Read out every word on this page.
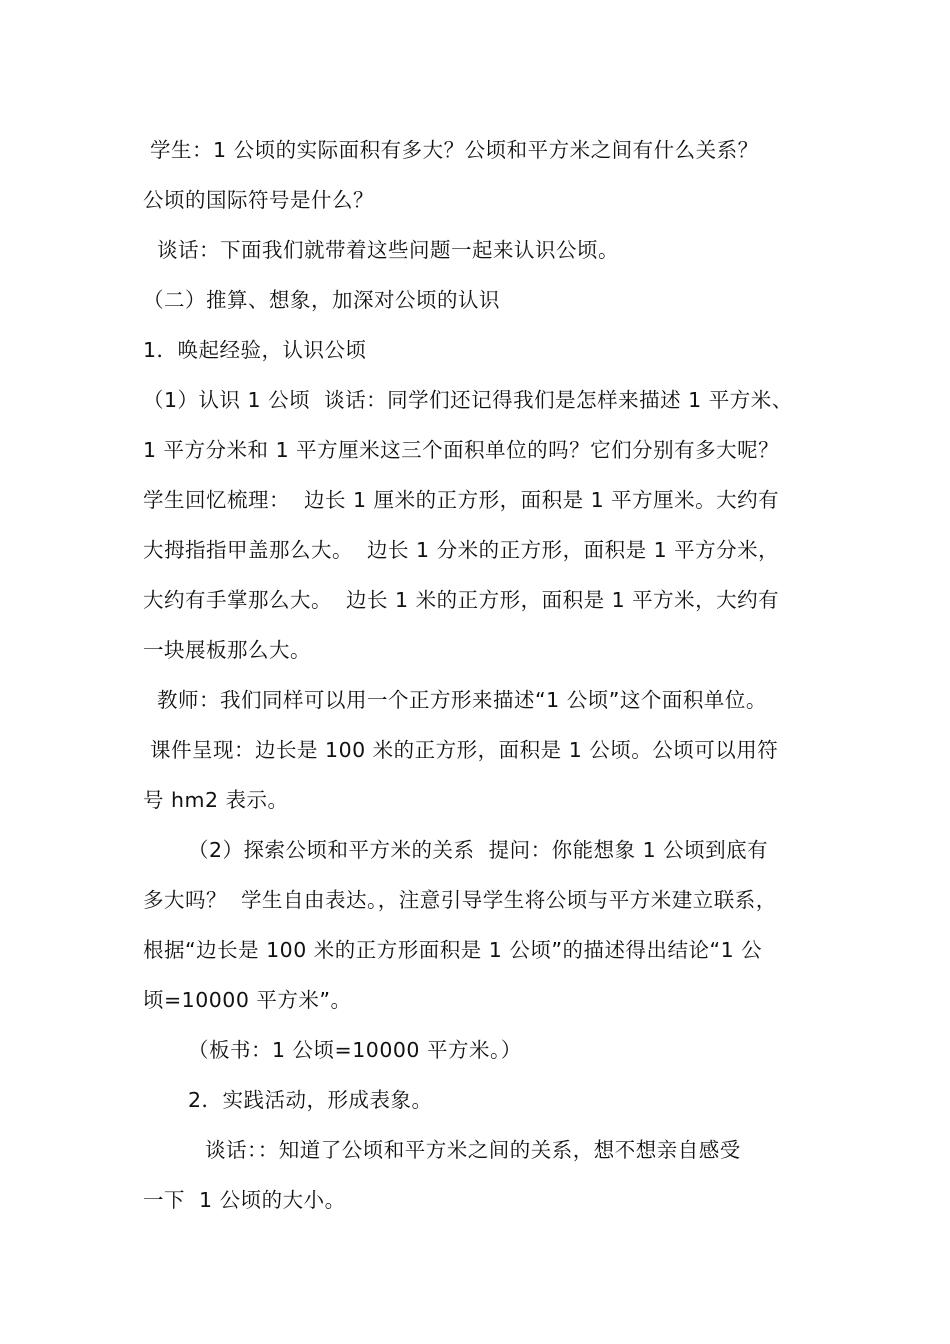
学生：1 公顷的实际面积有多大？公顷和平方米之间有什么关系？
公顷的国际符号是什么？
谈话：下面我们就带着这些问题一起来认识公顷。
（二）推算、想象，加深对公顷的认识
1．唤起经验，认识公顷
（1）认识 1 公顷  谈话：同学们还记得我们是怎样来描述 1 平方米、
1 平方分米和 1 平方厘米这三个面积单位的吗？它们分别有多大呢？
学生回忆梳理：  边长 1 厘米的正方形，面积是 1 平方厘米。大约有
大拇指指甲盖那么大。  边长 1 分米的正方形，面积是 1 平方分米，
大约有手掌那么大。  边长 1 米的正方形，面积是 1 平方米，大约有
一块展板那么大。
教师：我们同样可以用一个正方形来描述“1 公顷”这个面积单位。
课件呈现：边长是 100 米的正方形，面积是 1 公顷。公顷可以用符
号 hm2 表示。
（2）探索公顷和平方米的关系  提问：你能想象 1 公顷到底有
多大吗？  学生自由表达。，注意引导学生将公顷与平方米建立联系，
根据“边长是 100 米的正方形面积是 1 公顷”的描述得出结论“1 公
顷=10000 平方米”。
（板书：1 公顷=10000 平方米。）
2．实践活动，形成表象。
谈话：：知道了公顷和平方米之间的关系，想不想亲自感受
一下  1 公顷的大小。
